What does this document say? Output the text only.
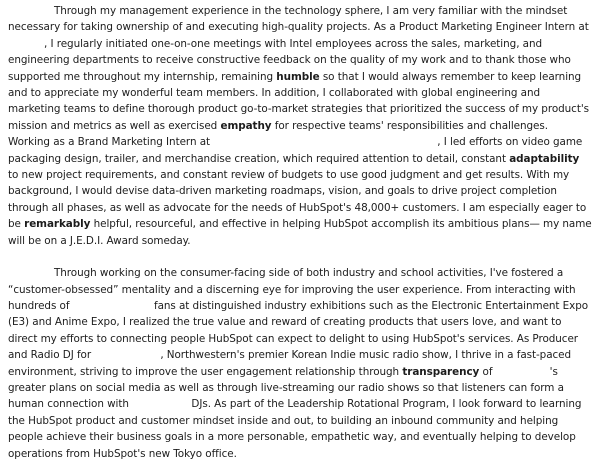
Through my management experience in the technology sphere, I am very familiar with the mindset necessary for taking ownership of and executing high-quality projects. As a Product Marketing Engineer Intern at, I regularly initiated one-on-one meetings with Intel employees across the sales, marketing, and engineering departments to receive constructive feedback on the quality of my work and to thank those who supported me throughout my internship, remaining humble so that I would always remember to keep learning and to appreciate my wonderful team members. In addition, I collaborated with global engineering and marketing teams to define thorough product go-to-market strategies that prioritized the success of my product's mission and metrics as well as exercised empathy for respective teams' responsibilities and challenges. Working as a Brand Marketing Intern at	, I led efforts on video game packaging design, trailer, and merchandise creation, which required attention to detail, constant adaptability to new project requirements, and constant review of budgets to use good judgment and get results. With my background, I would devise data-driven marketing roadmaps, vision, and goals to drive project completion through all phases, as well as advocate for the needs of HubSpot's 48,000+ customers. I am especially eager to be remarkably helpful, resourceful, and effective in helping HubSpot accomplish its ambitious plans— my name will be on a J.E.D.I. Award someday.

Through working on the consumer-facing side of both industry and school activities, I've fostered a “customer-obsessed” mentality and a discerning eye for improving the user experience. From interacting with hundreds of	fans at distinguished industry exhibitions such as the Electronic Entertainment Expo (E3) and Anime Expo, I realized the true value and reward of creating products that users love, and want to direct my efforts to connecting people HubSpot can expect to delight to using HubSpot's services. As Producer and Radio DJ for	, Northwestern's premier Korean Indie music radio show, I thrive in a fast-paced environment, striving to improve the user engagement relationship through transparency of	's greater plans on social media as well as through live-streaming our radio shows so that listeners can form a human connection with	DJs. As part of the Leadership Rotational Program, I look forward to learning the HubSpot product and customer mindset inside and out, to building an inbound community and helping people achieve their business goals in a more personable, empathetic way, and eventually helping to develop operations from HubSpot's new Tokyo office.
